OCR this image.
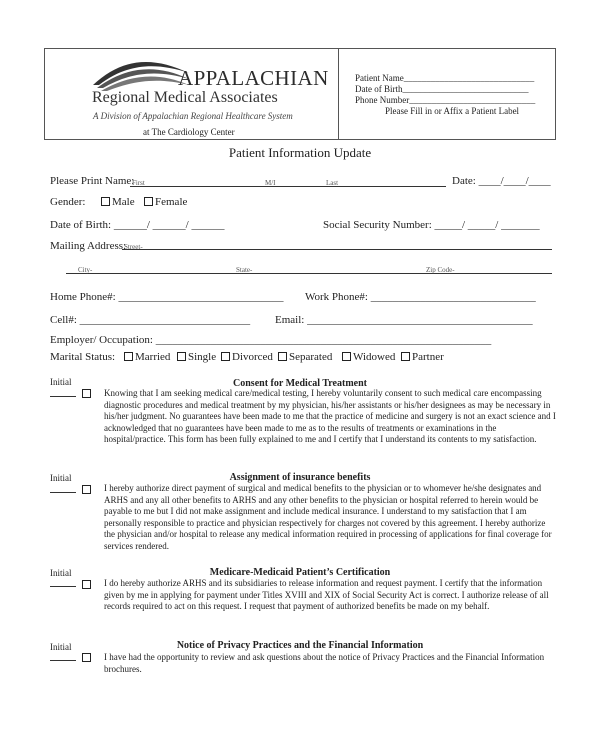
APPALACHIAN
Regional Medical Associates
A Division of Appalachian Regional Healthcare System
at The Cardiology Center
Patient Name_____________________________
Date of Birth____________________________
Phone Number____________________________
Please Fill in or Affix a Patient Label
Patient Information Update
Please Print Name:
First	M/I	Last	Date: ____/____/____
Gender:	Male	Female
Date of Birth: ______/ ______/ ______	Social Security Number: _____/ _____/ _______
Mailing Address:
Street-
City-	State-	Zip Code-
Home Phone#: ______________________________ Work Phone#: ______________________________
Cell#: _______________________________ Email: _________________________________________
Employer/ Occupation: _____________________________________________________________
Marital Status:	Married	Single	Divorced	Separated	Widowed	Partner
Consent for Medical Treatment
Initial
Knowing that I am seeking medical care/medical testing, I hereby voluntarily consent to such medical care encompassing diagnostic procedures and medical treatment by my physician, his/her assistants or his/her designees as may be necessary in his/her judgment. No guarantees have been made to me that the practice of medicine and surgery is not an exact science and I acknowledged that no guarantees have been made to me as to the results of treatments or examinations in the hospital/practice. This form has been fully explained to me and I certify that I understand its contents to my satisfaction.
Assignment of insurance benefits
Initial
I hereby authorize direct payment of surgical and medical benefits to the physician or to whomever he/she designates and ARHS and any all other benefits to ARHS and any other benefits to the physician or hospital referred to herein would be payable to me but I did not make assignment and include medical insurance. I understand to my satisfaction that I am personally responsible to practice and physician respectively for charges not covered by this agreement. I hereby authorize the physician and/or hospital to release any medical information required in processing of applications for final coverage for services rendered.
Medicare-Medicaid Patient’s Certification
Initial
I do hereby authorize ARHS and its subsidiaries to release information and request payment. I certify that the information given by me in applying for payment under Titles XVIII and XIX of Social Security Act is correct. I authorize release of all records required to act on this request. I request that payment of authorized benefits be made on my behalf.
Notice of Privacy Practices and the Financial Information
Initial
I have had the opportunity to review and ask questions about the notice of Privacy Practices and the Financial Information brochures.
